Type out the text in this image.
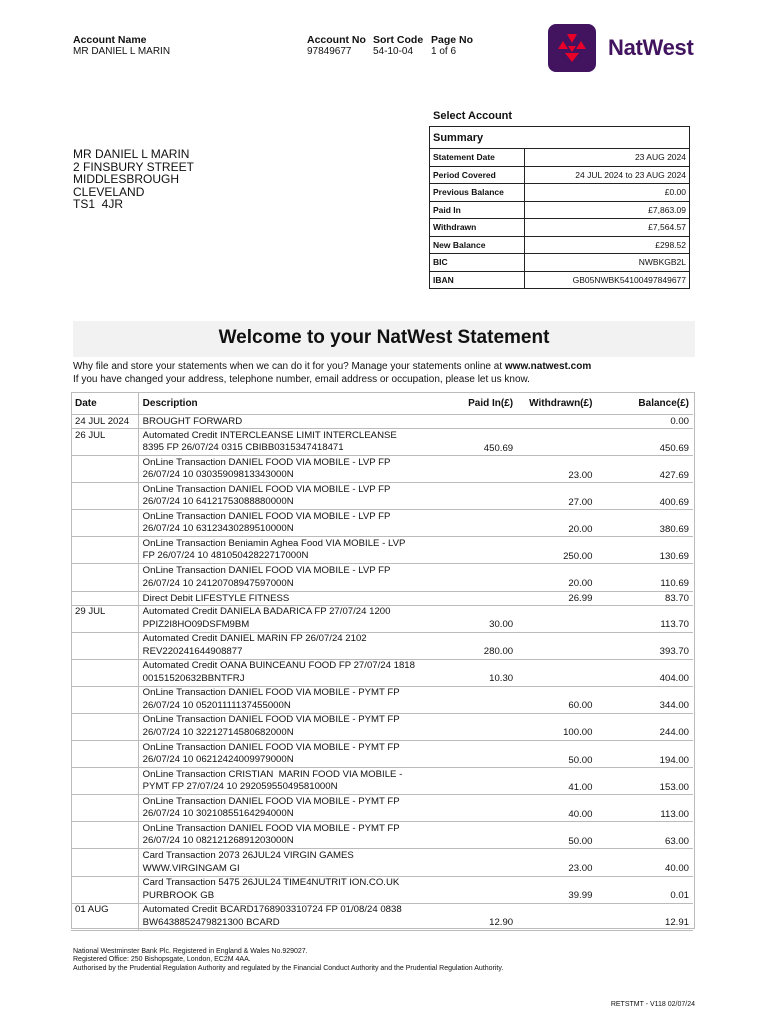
Account Name
MR DANIEL L MARIN
Account No
97849677
Sort Code
54-10-04
Page No
1 of 6	NatWest
MR DANIEL L MARIN
2 FINSBURY STREET
MIDDLESBROUGH
CLEVELAND
TS1  4JR
Select Account
Summary	
Statement Date	23 AUG 2024
Period Covered	24 JUL 2024 to 23 AUG 2024
Previous Balance	£0.00
Paid In	£7,863.09
Withdrawn	£7,564.57
New Balance	£298.52
BIC	NWBKGB2L
IBAN	GB05NWBK54100497849677
Welcome to your NatWest Statement
Why file and store your statements when we can do it for you? Manage your statements online at www.natwest.com
If you have changed your address, telephone number, email address or occupation, please let us know.
Date	Description	Paid In(£)	Withdrawn(£)	Balance(£)
24 JUL 2024	BROUGHT FORWARD			0.00
26 JUL	Automated Credit INTERCLEANSE LIMIT INTERCLEANSE
8395 FP 26/07/24 0315 CBIBB0315347418471	450.69		450.69

	OnLine Transaction DANIEL FOOD VIA MOBILE - LVP FP
26/07/24 10 03035909813343000N		23.00	427.69

	OnLine Transaction DANIEL FOOD VIA MOBILE - LVP FP
26/07/24 10 64121753088880000N		27.00	400.69

	OnLine Transaction DANIEL FOOD VIA MOBILE - LVP FP
26/07/24 10 63123430289510000N		20.00	380.69

	OnLine Transaction Beniamin Aghea Food VIA MOBILE - LVP
FP 26/07/24 10 48105042822717000N		250.00	130.69

	OnLine Transaction DANIEL FOOD VIA MOBILE - LVP FP
26/07/24 10 24120708947597000N		20.00	110.69

	Direct Debit LIFESTYLE FITNESS		26.99	83.70
29 JUL	Automated Credit DANIELA BADARICA FP 27/07/24 1200
PPIZ2I8HO09DSFM9BM	30.00		113.70

	Automated Credit DANIEL MARIN FP 26/07/24 2102
REV220241644908877	280.00		393.70

	Automated Credit OANA BUINCEANU FOOD FP 27/07/24 1818
00151520632BBNTFRJ	10.30		404.00

	OnLine Transaction DANIEL FOOD VIA MOBILE - PYMT FP
26/07/24 10 05201111137455000N		60.00	344.00

	OnLine Transaction DANIEL FOOD VIA MOBILE - PYMT FP
26/07/24 10 32212714580682000N		100.00	244.00

	OnLine Transaction DANIEL FOOD VIA MOBILE - PYMT FP
26/07/24 10 06212424009979000N		50.00	194.00

	OnLine Transaction CRISTIAN  MARIN FOOD VIA MOBILE -
PYMT FP 27/07/24 10 29205955049581000N		41.00	153.00

	OnLine Transaction DANIEL FOOD VIA MOBILE - PYMT FP
26/07/24 10 30210855164294000N		40.00	113.00

	OnLine Transaction DANIEL FOOD VIA MOBILE - PYMT FP
26/07/24 10 08212126891203000N		50.00	63.00

	Card Transaction 2073 26JUL24 VIRGIN GAMES
WWW.VIRGINGAM GI		23.00	40.00

	Card Transaction 5475 26JUL24 TIME4NUTRIT ION.CO.UK
PURBROOK GB		39.99	0.01
01 AUG	Automated Credit BCARD1768903310724 FP 01/08/24 0838
BW6438852479821300 BCARD	12.90		12.91
National Westminster Bank Plc. Registered in England & Wales No.929027.
Registered Office: 250 Bishopsgate, London, EC2M 4AA.
Authorised by the Prudential Regulation Authority and regulated by the Financial Conduct Authority and the Prudential Regulation Authority.
RETSTMT - V118 02/07/24
